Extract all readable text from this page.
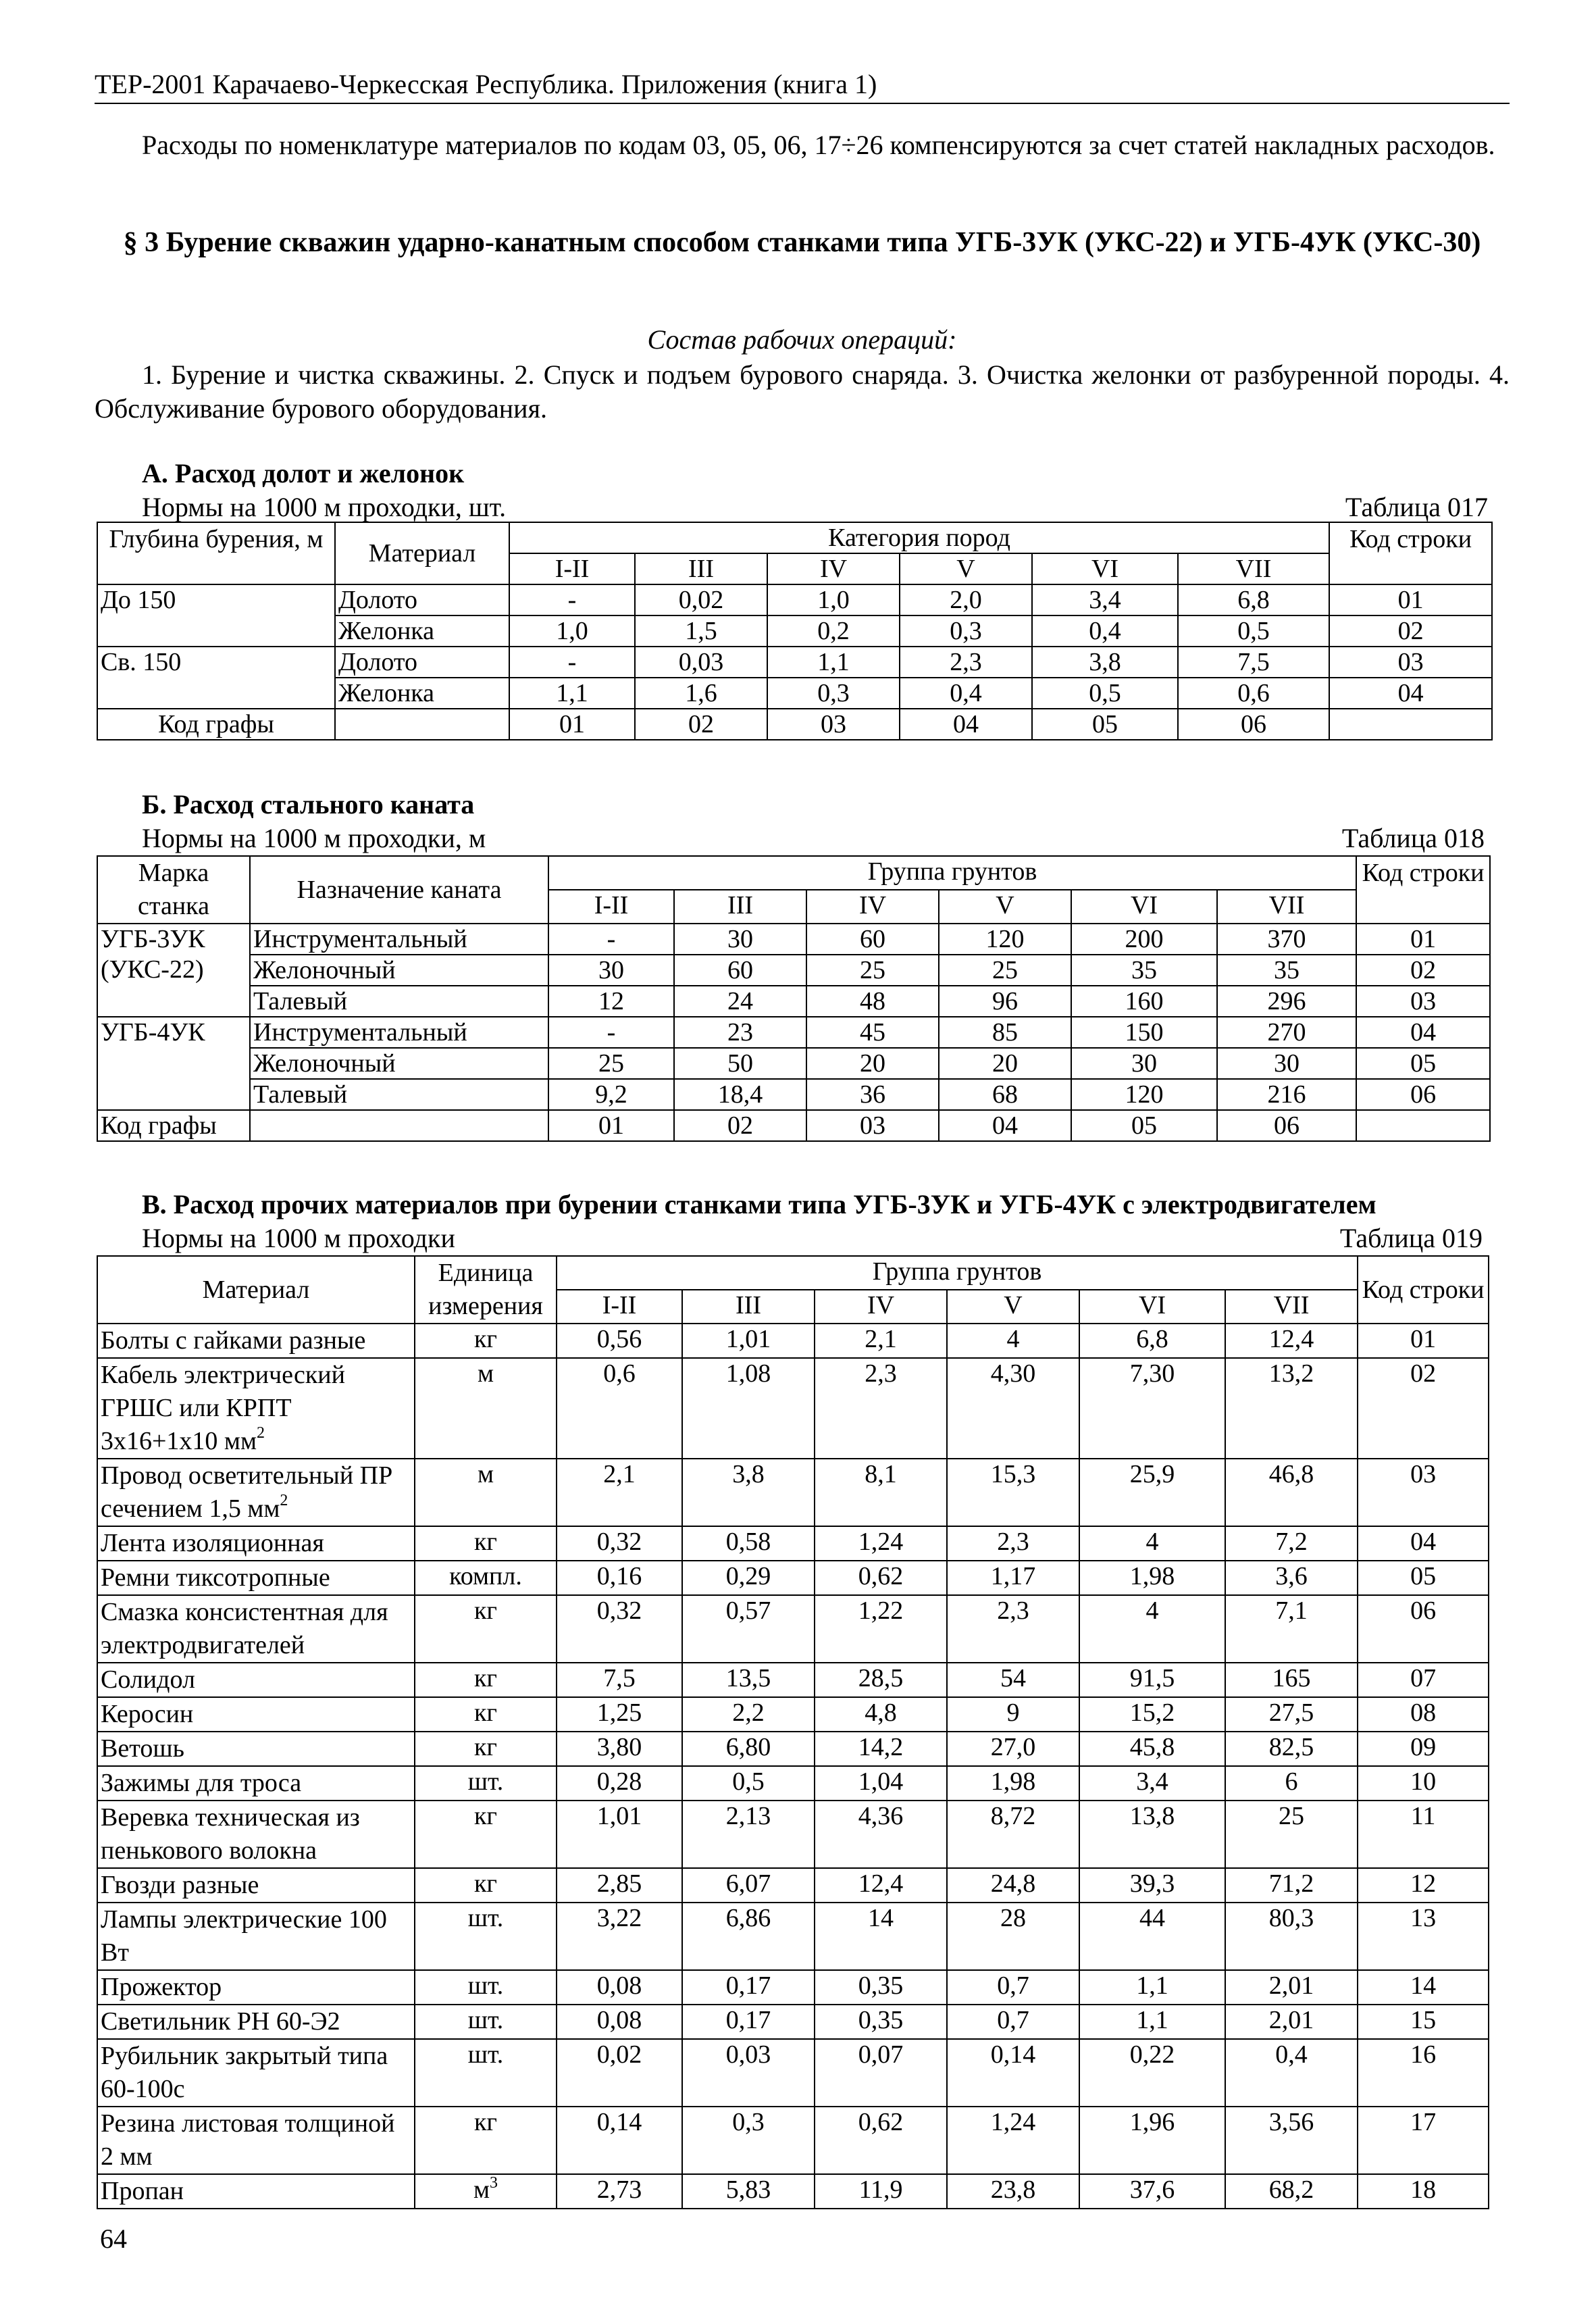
ТЕР-2001 Карачаево-Черкесская Республика. Приложения (книга 1)
Расходы по номенклатуре материалов по кодам 03, 05, 06, 17÷26 компенсируются за счет статей накладных расходов.
§ 3 Бурение скважин ударно-канатным способом станками типа УГБ-3УК (УКС-22) и УГБ-4УК (УКС-30)
Состав рабочих операций:
1. Бурение и чистка скважины. 2. Спуск и подъем бурового снаряда. 3. Очистка желонки от разбуренной породы. 4. Обслуживание бурового оборудования.
А. Расход долот и желонок
Нормы на 1000 м проходки, шт.	Таблица 017
Глубина бурения, м	Материал	Категория пород						Код строки
		I-II	III	IV	V	VI	VII	
До 150	Долото	-	0,02	1,0	2,0	3,4	6,8	01
	Желонка	1,0	1,5	0,2	0,3	0,4	0,5	02
Св. 150	Долото	-	0,03	1,1	2,3	3,8	7,5	03
	Желонка	1,1	1,6	0,3	0,4	0,5	0,6	04
Код графы		01	02	03	04	05	06	
Б. Расход стального каната
Нормы на 1000 м проходки, м	Таблица 018
Марка станка	Назначение каната	Группа грунтов						Код строки
		I-II	III	IV	V	VI	VII	
УГБ-3УК	Инструментальный	-	30	60	120	200	370	01
(УКС-22)	Желоночный	30	60	25	25	35	35	02
	Талевый	12	24	48	96	160	296	03
УГБ-4УК	Инструментальный	-	23	45	85	150	270	04
	Желоночный	25	50	20	20	30	30	05
	Талевый	9,2	18,4	36	68	120	216	06
Код графы		01	02	03	04	05	06	
В. Расход прочих материалов при бурении станками типа УГБ-3УК и УГБ-4УК с электродвигателем
Нормы на 1000 м проходки	Таблица 019
Материал	Единица измерения	Группа грунтов						Код строки
		I-II	III	IV	V	VI	VII	
Болты с гайками разные	кг	0,56	1,01	2,1	4	6,8	12,4	01
Кабель электрический ГРШС или КРПТ 3х16+1х10 $мм^2$	м	0,6	1,08	2,3	4,30	7,30	13,2	02
Провод осветительный ПР сечением 1,5 $мм^2$	м	2,1	3,8	8,1	15,3	25,9	46,8	03
Лента изоляционная	кг	0,32	0,58	1,24	2,3	4	7,2	04
Ремни тиксотропные	компл.	0,16	0,29	0,62	1,17	1,98	3,6	05
Смазка консистентная для электродвигателей	кг	0,32	0,57	1,22	2,3	4	7,1	06
Солидол	кг	7,5	13,5	28,5	54	91,5	165	07
Керосин	кг	1,25	2,2	4,8	9	15,2	27,5	08
Ветошь	кг	3,80	6,80	14,2	27,0	45,8	82,5	09
Зажимы для троса	шт.	0,28	0,5	1,04	1,98	3,4	6	10
Веревка техническая из пенькового волокна	кг	1,01	2,13	4,36	8,72	13,8	25	11
Гвозди разные	кг	2,85	6,07	12,4	24,8	39,3	71,2	12
Лампы электрические 100 Вт	шт.	3,22	6,86	14	28	44	80,3	13
Прожектор	шт.	0,08	0,17	0,35	0,7	1,1	2,01	14
Светильник РН 60-Э2	шт.	0,08	0,17	0,35	0,7	1,1	2,01	15
Рубильник закрытый типа 60-100с	шт.	0,02	0,03	0,07	0,14	0,22	0,4	16
Резина листовая толщиной 2 мм	кг	0,14	0,3	0,62	1,24	1,96	3,56	17
Пропан	$м^3$	2,73	5,83	11,9	23,8	37,6	68,2	18
64
